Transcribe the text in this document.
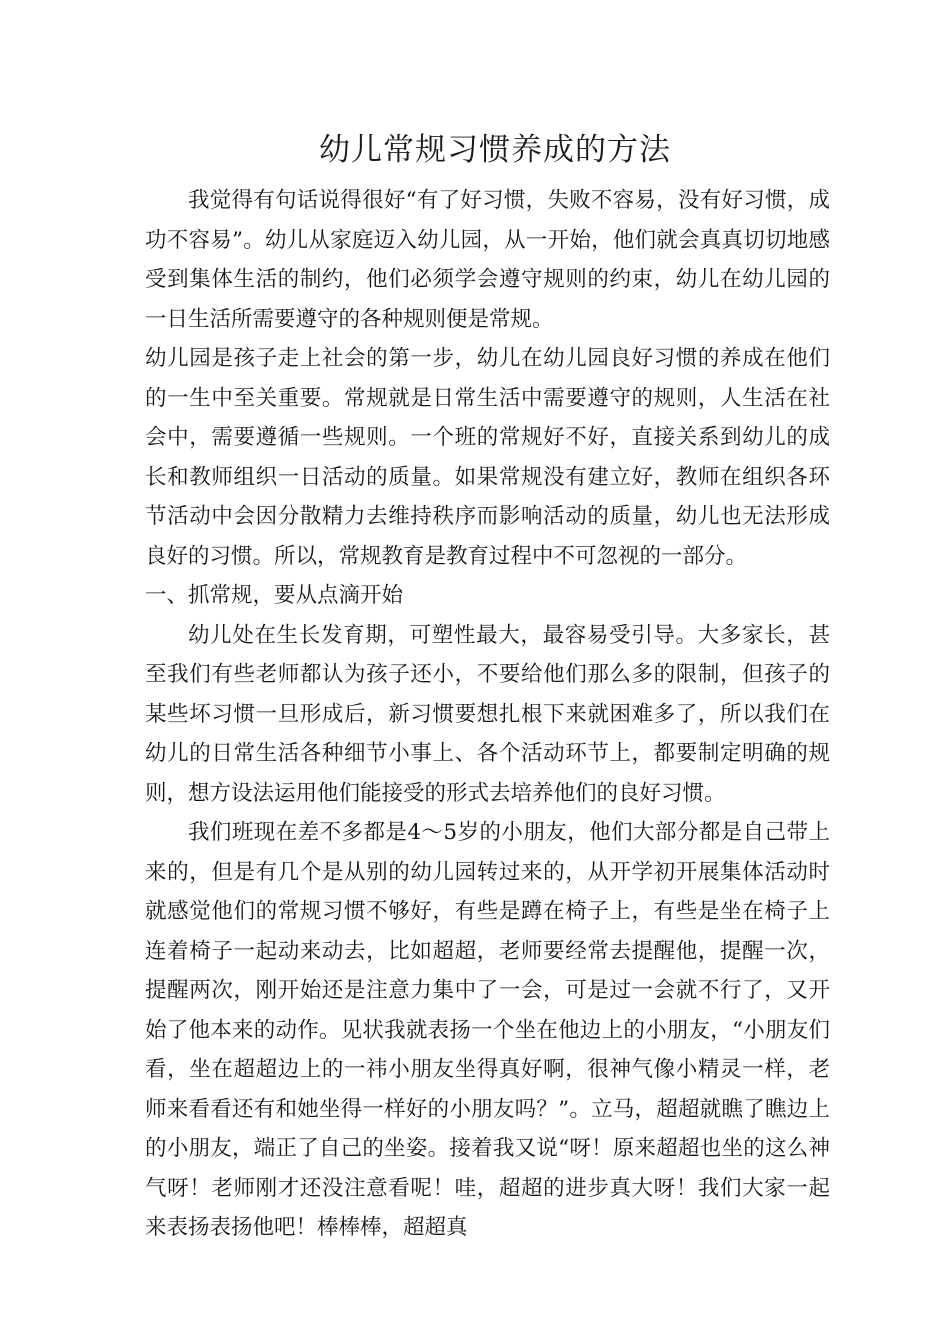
幼儿常规习惯养成的方法

我觉得有句话说得很好“有了好习惯，失败不容易，没有好习惯，成功不容易”。幼儿从家庭迈入幼儿园，从一开始，他们就会真真切切地感受到集体生活的制约，他们必须学会遵守规则的约束，幼儿在幼儿园的一日生活所需要遵守的各种规则便是常规。

幼儿园是孩子走上社会的第一步，幼儿在幼儿园良好习惯的养成在他们的一生中至关重要。常规就是日常生活中需要遵守的规则，人生活在社会中，需要遵循一些规则。一个班的常规好不好，直接关系到幼儿的成长和教师组织一日活动的质量。如果常规没有建立好，教师在组织各环节活动中会因分散精力去维持秩序而影响活动的质量，幼儿也无法形成良好的习惯。所以，常规教育是教育过程中不可忽视的一部分。

一、抓常规，要从点滴开始

幼儿处在生长发育期，可塑性最大，最容易受引导。大多家长，甚至我们有些老师都认为孩子还小，不要给他们那么多的限制，但孩子的某些坏习惯一旦形成后，新习惯要想扎根下来就困难多了，所以我们在幼儿的日常生活各种细节小事上、各个活动环节上，都要制定明确的规则，想方设法运用他们能接受的形式去培养他们的良好习惯。

我们班现在差不多都是4～5岁的小朋友，他们大部分都是自己带上来的，但是有几个是从别的幼儿园转过来的，从开学初开展集体活动时就感觉他们的常规习惯不够好，有些是蹲在椅子上，有些是坐在椅子上连着椅子一起动来动去，比如超超，老师要经常去提醒他，提醒一次，提醒两次，刚开始还是注意力集中了一会，可是过一会就不行了，又开始了他本来的动作。见状我就表扬一个坐在他边上的小朋友，“小朋友们看，坐在超超边上的一祎小朋友坐得真好啊，很神气像小精灵一样，老师来看看还有和她坐得一样好的小朋友吗？”。立马，超超就瞧了瞧边上的小朋友，端正了自己的坐姿。接着我又说“呀！原来超超也坐的这么神气呀！老师刚才还没注意看呢！哇，超超的进步真大呀！我们大家一起来表扬表扬他吧！棒棒棒，超超真
